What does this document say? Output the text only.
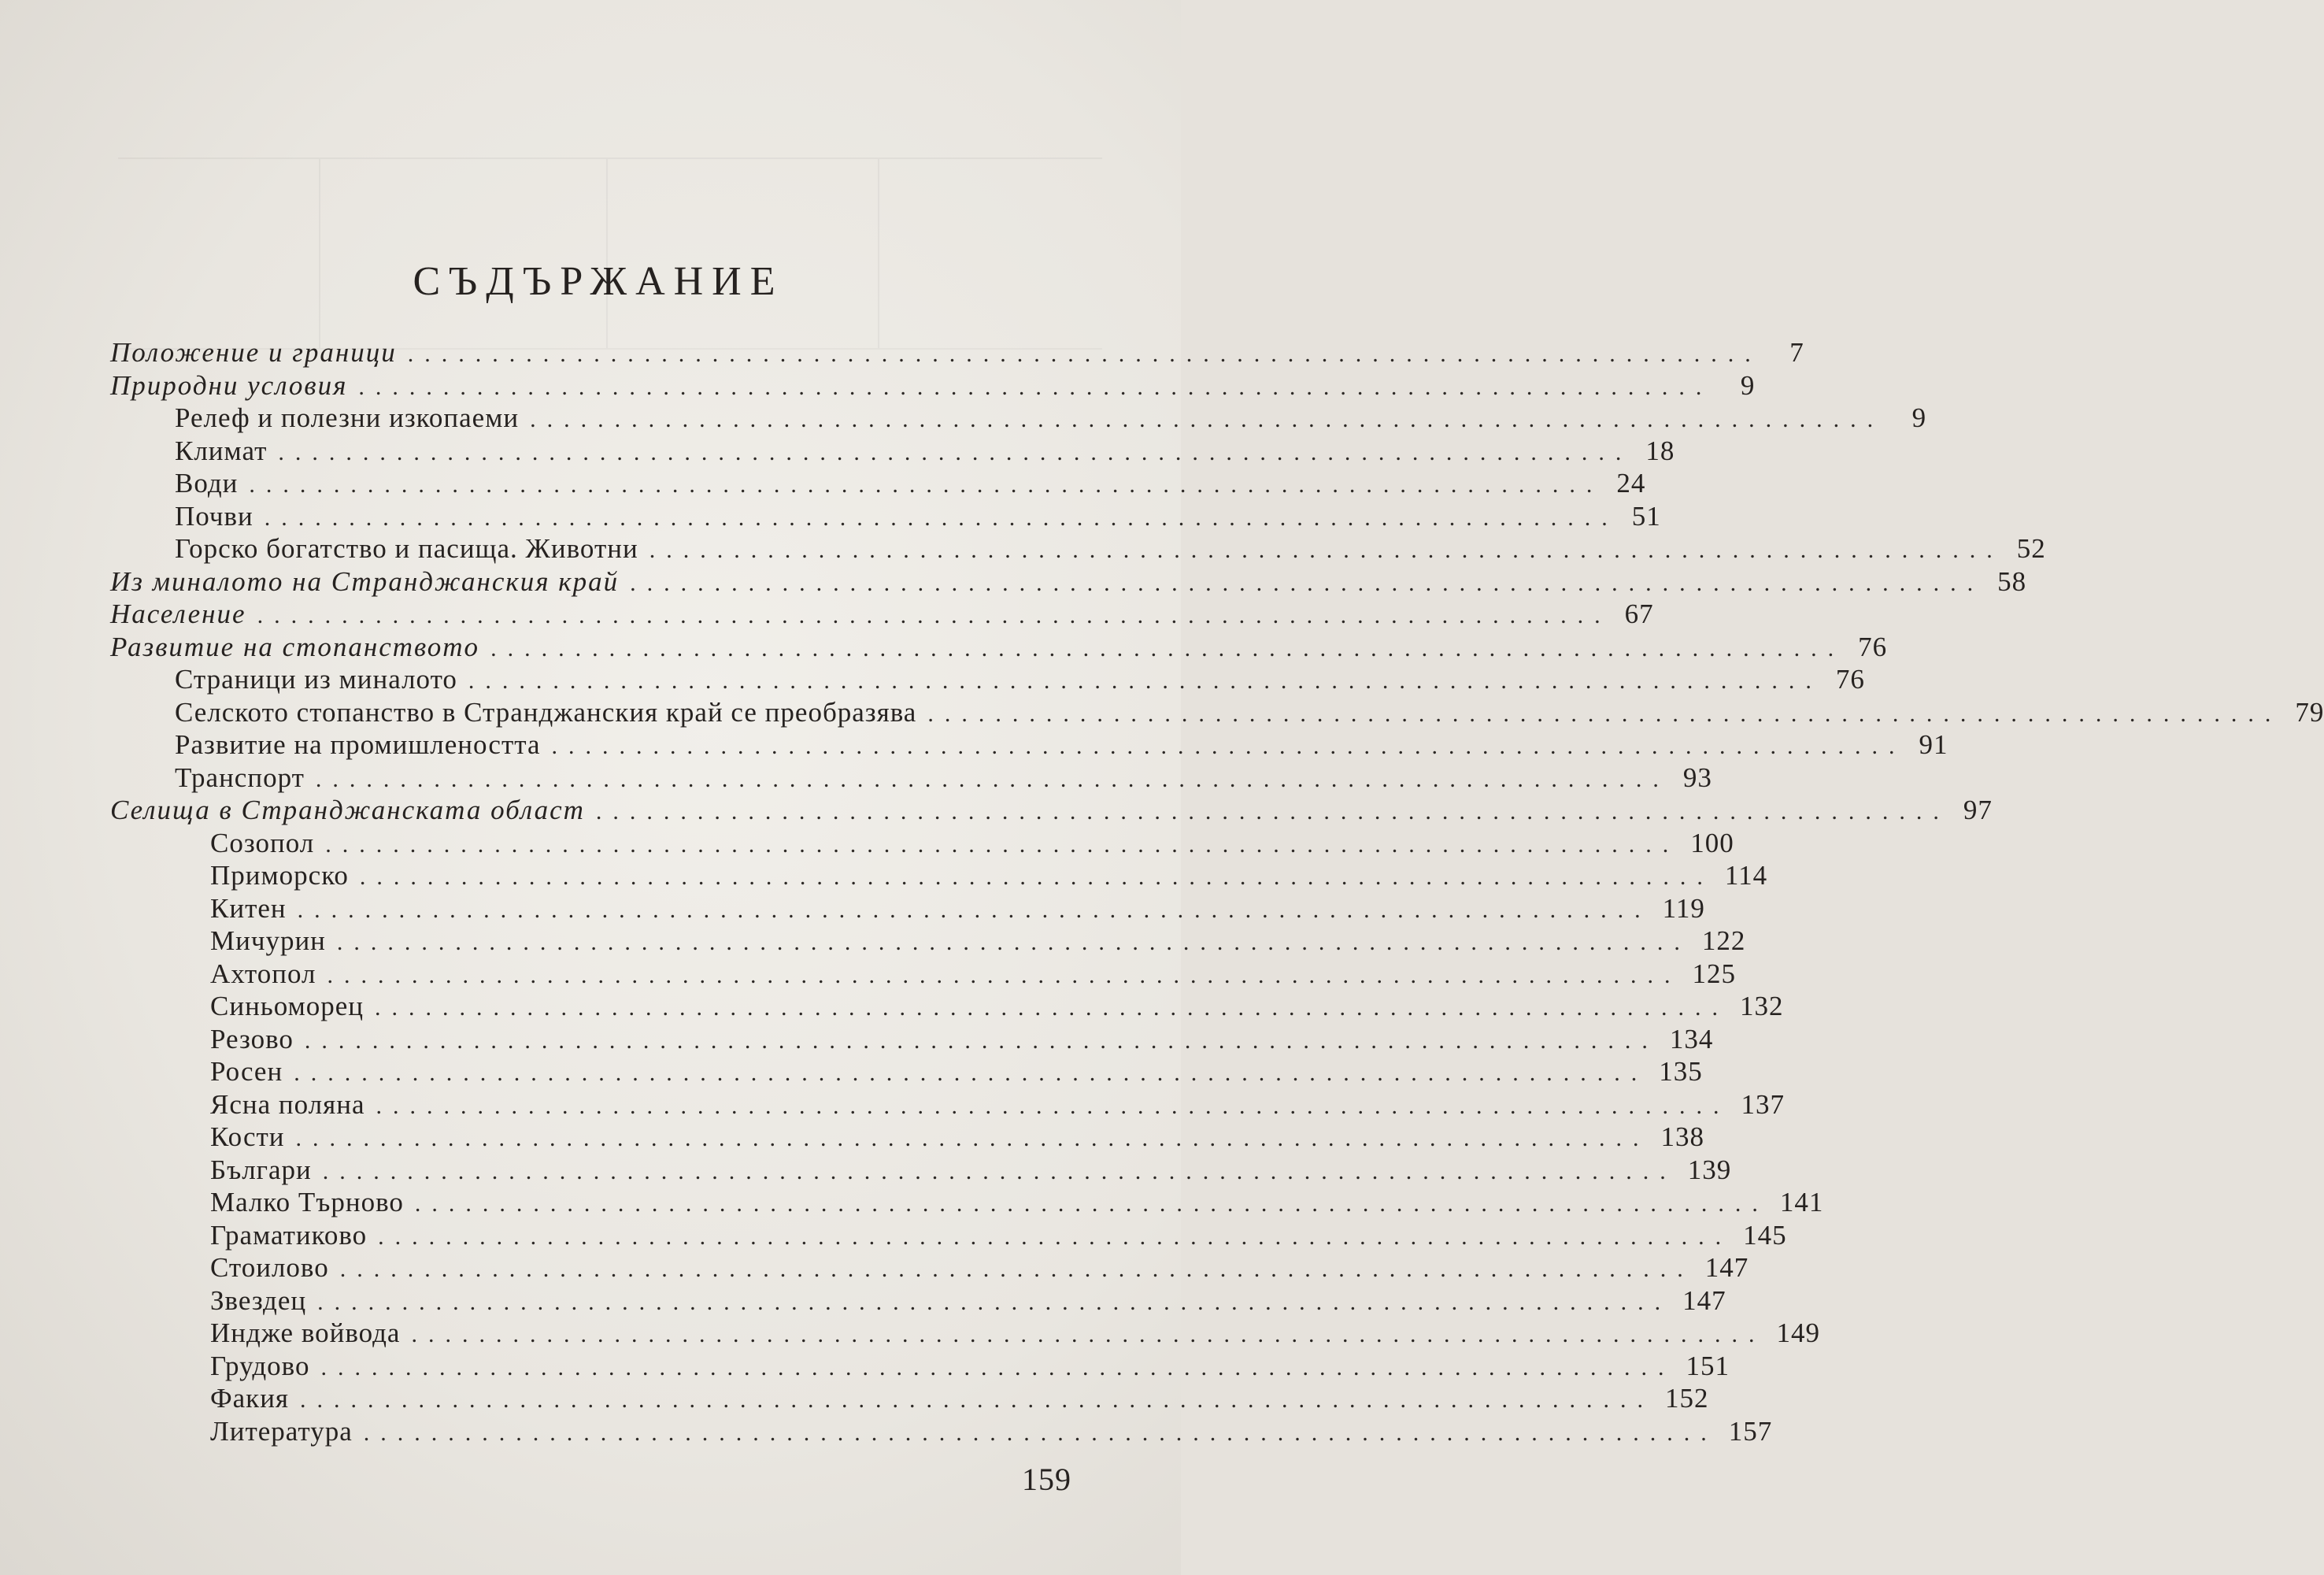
СЪДЪРЖАНИЕ
Положение и граници ................................................................................	7
Природни условия ................................................................................	9
Релеф и полезни изкопаеми ................................................................................	9
Климат ................................................................................ 18
Води ................................................................................ 24
Почви ................................................................................ 51
Горско богатство и пасища. Животни ................................................................................ 52
Из миналото на Странджанския край ................................................................................ 58
Население ................................................................................ 67
Развитие на стопанството ................................................................................ 76
Страници из миналото ................................................................................ 76
Селското стопанство в Странджанския край се преобразява ................................................................................ 79
Развитие на промишлеността ................................................................................ 91
Транспорт ................................................................................ 93
Селища в Странджанската област ................................................................................ 97
Созопол ................................................................................ 100
Приморско ................................................................................ 114
Китен ................................................................................ 119
Мичурин ................................................................................ 122
Ахтопол ................................................................................ 125
Синьоморец ................................................................................ 132
Резово ................................................................................ 134
Росен ................................................................................ 135
Ясна поляна ................................................................................ 137
Кости ................................................................................ 138
Българи ................................................................................ 139
Малко Търново ................................................................................ 141
Граматиково ................................................................................ 145
Стоилово ................................................................................ 147
Звездец ................................................................................ 147
Индже войвода ................................................................................ 149
Грудово ................................................................................ 151
Факия ................................................................................ 152
Литература ................................................................................ 157
159
